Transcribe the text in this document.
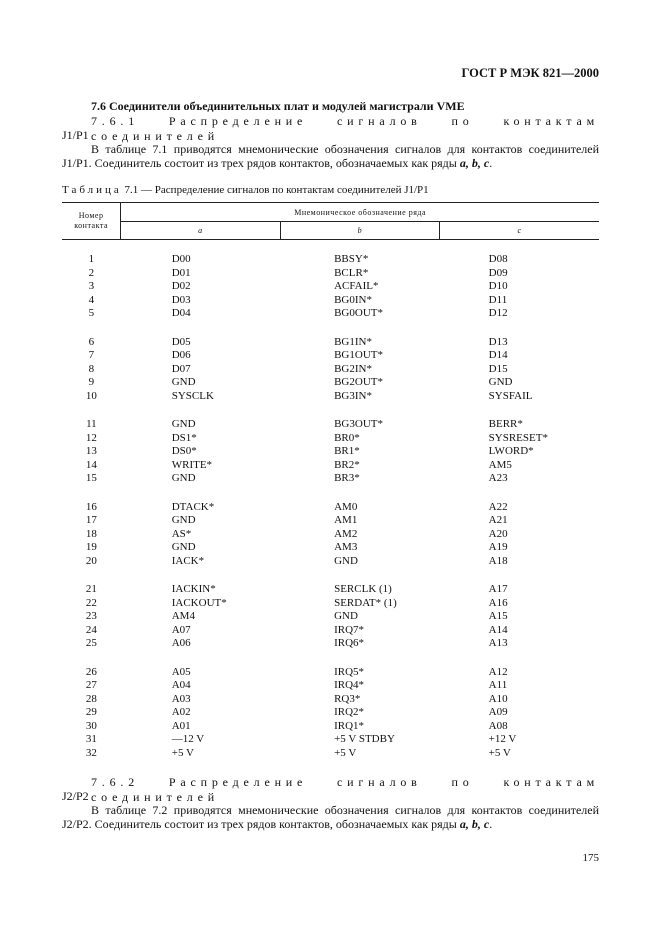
ГОСТ Р МЭК 821—2000
7.6 Соединители объединительных плат и модулей магистрали VME
7.6.1 Распределение сигналов по контактам соединителей
J1/P1
В таблице 7.1 приводятся мнемонические обозначения сигналов для контактов соединителей
J1/P1. Соединитель состоит из трех рядов контактов, обозначаемых как ряды a, b, c.
Таблица 7.1 — Распределение сигналов по контактам соединителей J1/P1
Номер контакта	Мнемоническое обозначение ряда		
	a	b	c

1	D00	BBSY*	D08
2	D01	BCLR*	D09
3	D02	ACFAIL*	D10
4	D03	BG0IN*	D11
5	D04	BG0OUT*	D12

6	D05	BG1IN*	D13
7	D06	BG1OUT*	D14
8	D07	BG2IN*	D15
9	GND	BG2OUT*	GND
10	SYSCLK	BG3IN*	SYSFAIL

11	GND	BG3OUT*	BERR*
12	DS1*	BR0*	SYSRESET*
13	DS0*	BR1*	LWORD*
14	WRITE*	BR2*	AM5
15	GND	BR3*	A23

16	DTACK*	AM0	A22
17	GND	AM1	A21
18	AS*	AM2	A20
19	GND	AM3	A19
20	IACK*	GND	A18

21	IACKIN*	SERCLK (1)	A17
22	IACKOUT*	SERDAT* (1)	A16
23	AM4	GND	A15
24	A07	IRQ7*	A14
25	A06	IRQ6*	A13

26	A05	IRQ5*	A12
27	A04	IRQ4*	A11
28	A03	RQ3*	A10
29	A02	IRQ2*	A09
30	A01	IRQ1*	A08
31	—12 V	+5 V STDBY	+12 V
32	+5 V	+5 V	+5 V

7.6.2 Распределение сигналов по контактам соединителей
J2/P2
В таблице 7.2 приводятся мнемонические обозначения сигналов для контактов соединителей
J2/P2. Соединитель состоит из трех рядов контактов, обозначаемых как ряды a, b, c.
175
